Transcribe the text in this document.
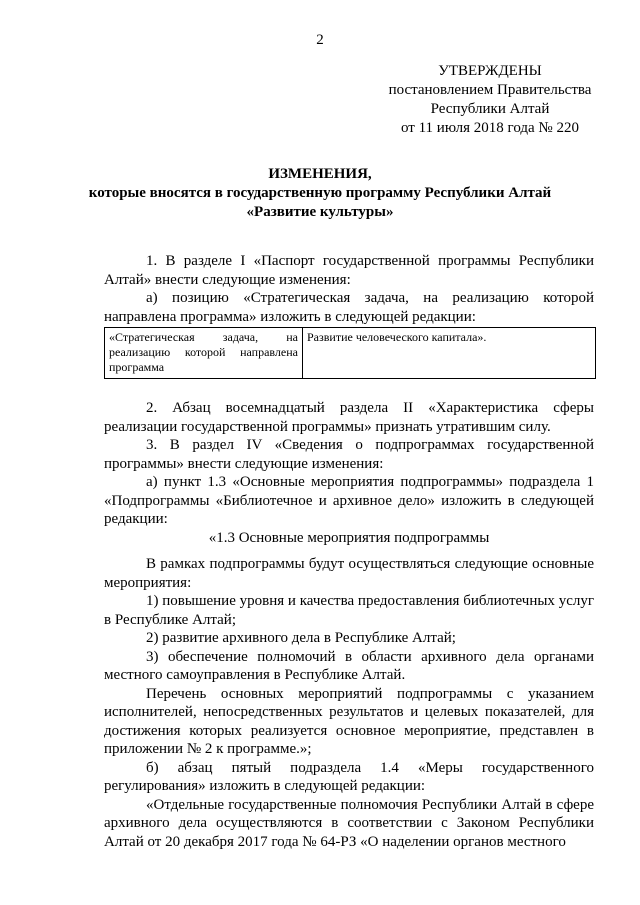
2
УТВЕРЖДЕНЫ
постановлением Правительства
Республики Алтай
от 11 июля 2018 года № 220
ИЗМЕНЕНИЯ,
которые вносятся в государственную программу Республики Алтай
«Развитие культуры»

1. В разделе I «Паспорт государственной программы Республики Алтай» внести следующие изменения:

а) позицию «Стратегическая задача, на реализацию которой направлена программа» изложить в следующей редакции:

«Стратегическая задача, на реализацию которой направлена программа
Развитие человеческого капитала».

2. Абзац восемнадцатый раздела II «Характеристика сферы реализации государственной программы» признать утратившим силу.

3. В раздел IV «Сведения о подпрограммах государственной программы» внести следующие изменения:

а) пункт 1.3 «Основные мероприятия подпрограммы» подраздела 1 «Подпрограммы «Библиотечное и архивное дело» изложить в следующей редакции:

«1.3 Основные мероприятия подпрограммы

В рамках подпрограммы будут осуществляться следующие основные мероприятия:

1) повышение уровня и качества предоставления библиотечных услуг в Республике Алтай;

2) развитие архивного дела в Республике Алтай;

3) обеспечение полномочий в области архивного дела органами местного самоуправления в Республике Алтай.

Перечень основных мероприятий подпрограммы с указанием исполнителей, непосредственных результатов и целевых показателей, для достижения которых реализуется основное мероприятие, представлен в приложении № 2 к программе.»;

б) абзац пятый подраздела 1.4 «Меры государственного регулирования» изложить в следующей редакции:

«Отдельные государственные полномочия Республики Алтай в сфере архивного дела осуществляются в соответствии с Законом Республики Алтай от 20 декабря 2017 года № 64-РЗ «О наделении органов местного
